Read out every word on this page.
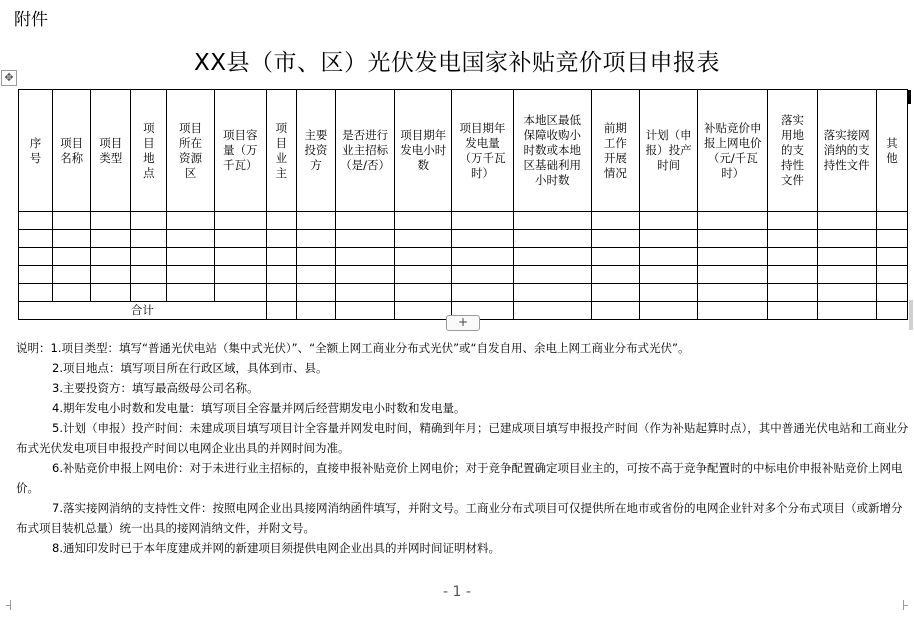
附件
XX县（市、区）光伏发电国家补贴竞价项目申报表
✥
序号	项目名称	项目类型	项目地点	项目所在资源区	项目容量（万千瓦）	项目业主	主要投资方	是否进行业主招标（是/否）	项目期年发电小时数	项目期年发电量（万千瓦时）	本地区最低保障收购小时数或本地区基础利用小时数	前期工作开展情况	计划（申报）投产时间	补贴竞价申报上网电价（元/千瓦时）	落实用地的支持性文件	落实接网消纳的支持性文件	其他

合计																	
+

说明：1.项目类型：填写“普通光伏电站（集中式光伏）”、“全额上网工商业分布式光伏”或“自发自用、余电上网工商业分布式光伏”。

2.项目地点：填写项目所在行政区域，具体到市、县。

3.主要投资方：填写最高级母公司名称。

4.期年发电小时数和发电量：填写项目全容量并网后经营期发电小时数和发电量。

5.计划（申报）投产时间：未建成项目填写项目计全容量并网发电时间，精确到年月；已建成项目填写申报投产时间（作为补贴起算时点），其中普通光伏电站和工商业分布式光伏发电项目申报投产时间以电网企业出具的并网时间为准。

6.补贴竞价申报上网电价：对于未进行业主招标的，直接申报补贴竞价上网电价；对于竞争配置确定项目业主的，可按不高于竞争配置时的中标电价申报补贴竞价上网电价。

7.落实接网消纳的支持性文件：按照电网企业出具接网消纳函件填写，并附文号。工商业分布式项目可仅提供所在地市或省份的电网企业针对多个分布式项目（或新增分布式项目装机总量）统一出具的接网消纳文件，并附文号。

8.通知印发时已于本年度建成并网的新建项目须提供电网企业出具的并网时间证明材料。

- 1 -
